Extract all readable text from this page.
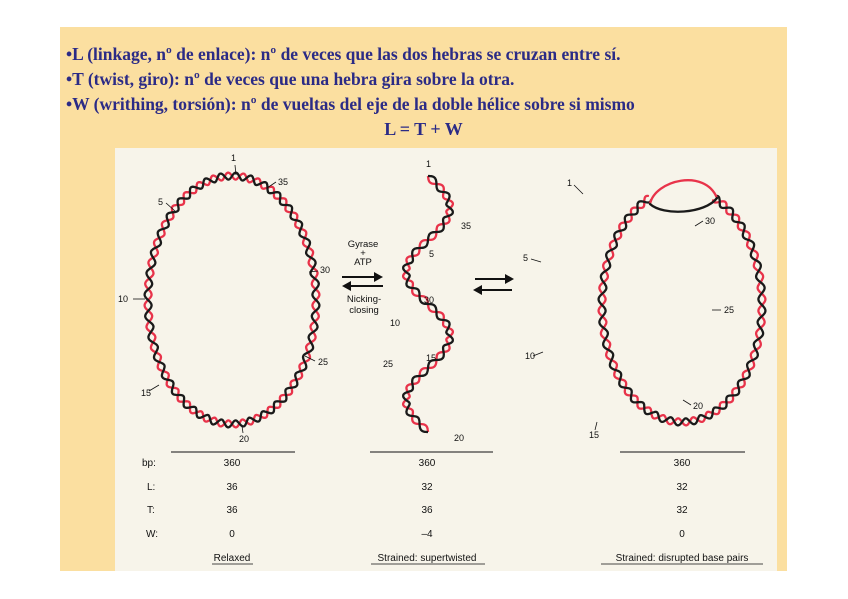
•L (linkage, nº de enlace): nº de veces que las dos hebras se cruzan entre sí.
•T (twist, giro): nº de veces que una hebra gira sobre la otra.
•W (writhing, torsión): nº de vueltas del eje de la doble hélice sobre si mismo
L = T + W
Gyrase
+
ATP
Nicking-
closing
1
35
5
30
10
25
15
20
1
35
5
30
10
15
25
20
1
30
5
25
10
20
15
bp:
L:
T:
W:
360
36
36
0
Relaxed
360
32
36
–4
Strained: supertwisted
360
32
32
0
Strained: disrupted base pairs
